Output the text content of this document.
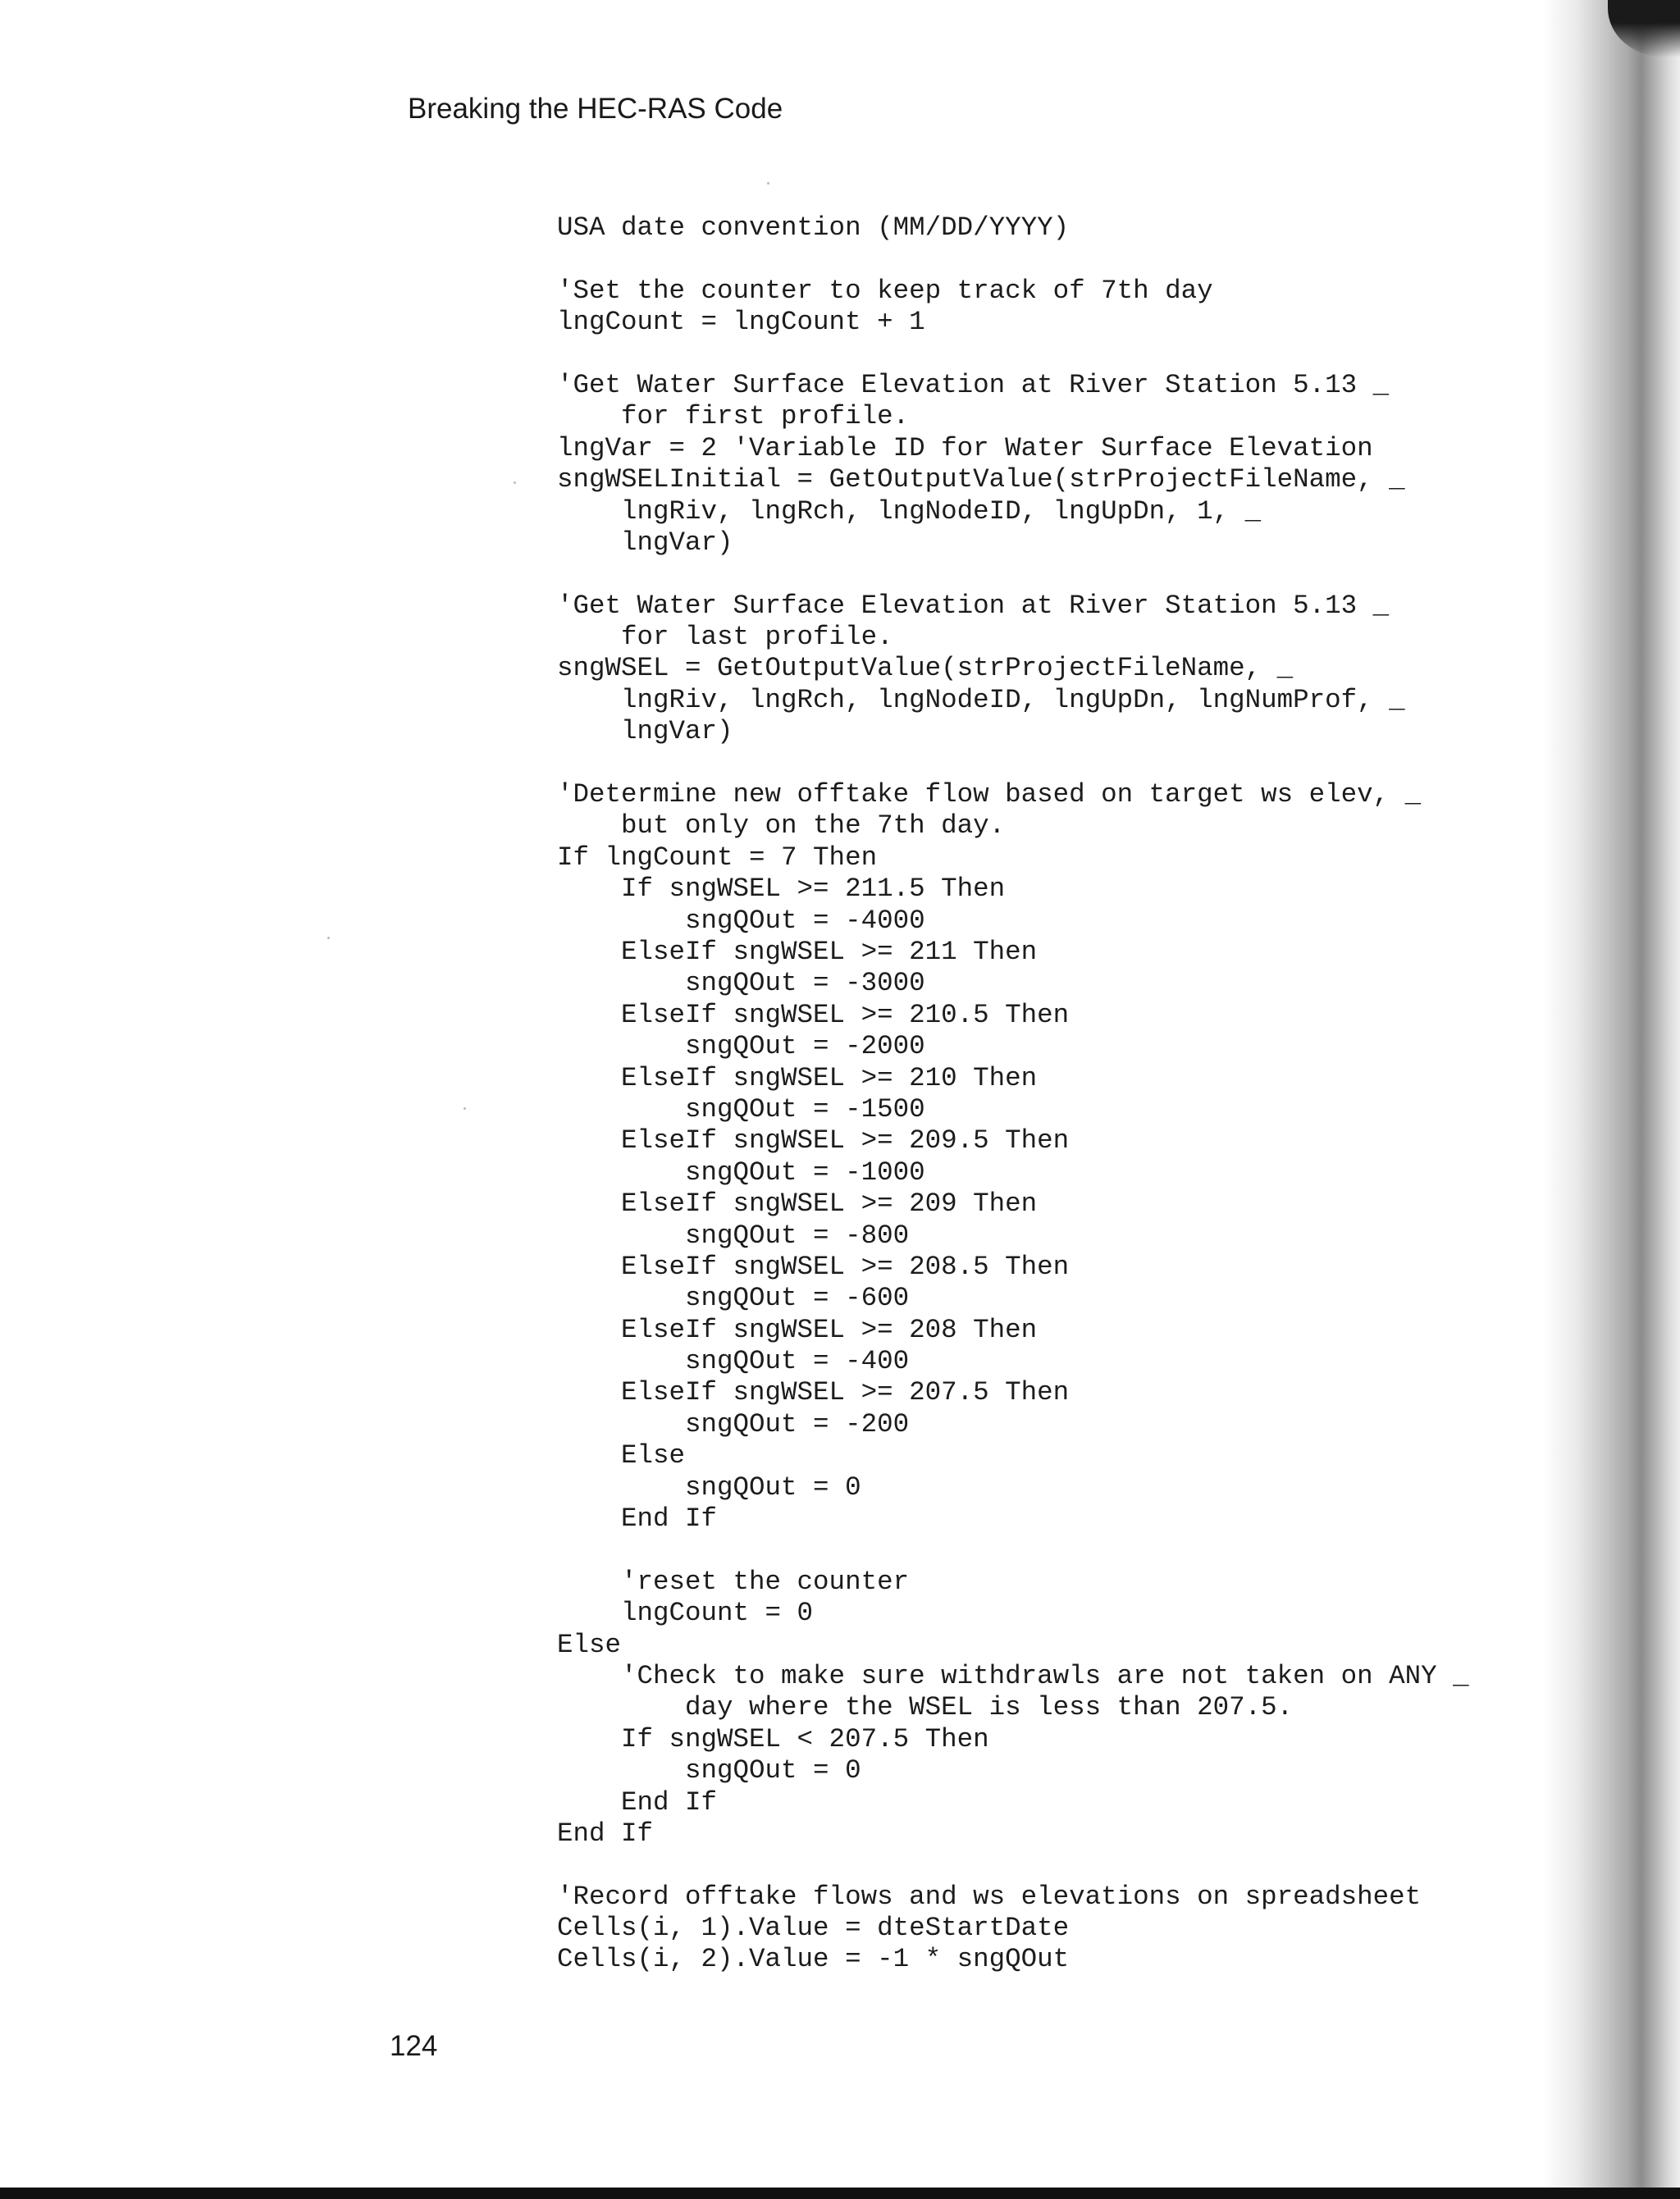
Breaking the HEC-RAS Code
USA date convention (MM/DD/YYYY)
'Set the counter to keep track of 7th day
lngCount = lngCount + 1
'Get Water Surface Elevation at River Station 5.13 _
for first profile.
lngVar = 2 'Variable ID for Water Surface Elevation
sngWSELInitial = GetOutputValue(strProjectFileName, _
lngRiv, lngRch, lngNodeID, lngUpDn, 1, _
lngVar)
'Get Water Surface Elevation at River Station 5.13 _
for last profile.
sngWSEL = GetOutputValue(strProjectFileName, _
lngRiv, lngRch, lngNodeID, lngUpDn, lngNumProf, _
lngVar)
'Determine new offtake flow based on target ws elev, _
but only on the 7th day.
If lngCount = 7 Then
If sngWSEL >= 211.5 Then
sngQOut = -4000
ElseIf sngWSEL >= 211 Then
sngQOut = -3000
ElseIf sngWSEL >= 210.5 Then
sngQOut = -2000
ElseIf sngWSEL >= 210 Then
sngQOut = -1500
ElseIf sngWSEL >= 209.5 Then
sngQOut = -1000
ElseIf sngWSEL >= 209 Then
sngQOut = -800
ElseIf sngWSEL >= 208.5 Then
sngQOut = -600
ElseIf sngWSEL >= 208 Then
sngQOut = -400
ElseIf sngWSEL >= 207.5 Then
sngQOut = -200
Else
sngQOut = 0
End If
'reset the counter
lngCount = 0
Else
'Check to make sure withdrawls are not taken on ANY _
day where the WSEL is less than 207.5.
If sngWSEL < 207.5 Then
sngQOut = 0
End If
End If
'Record offtake flows and ws elevations on spreadsheet
Cells(i, 1).Value = dteStartDate
Cells(i, 2).Value = -1 * sngQOut
124
